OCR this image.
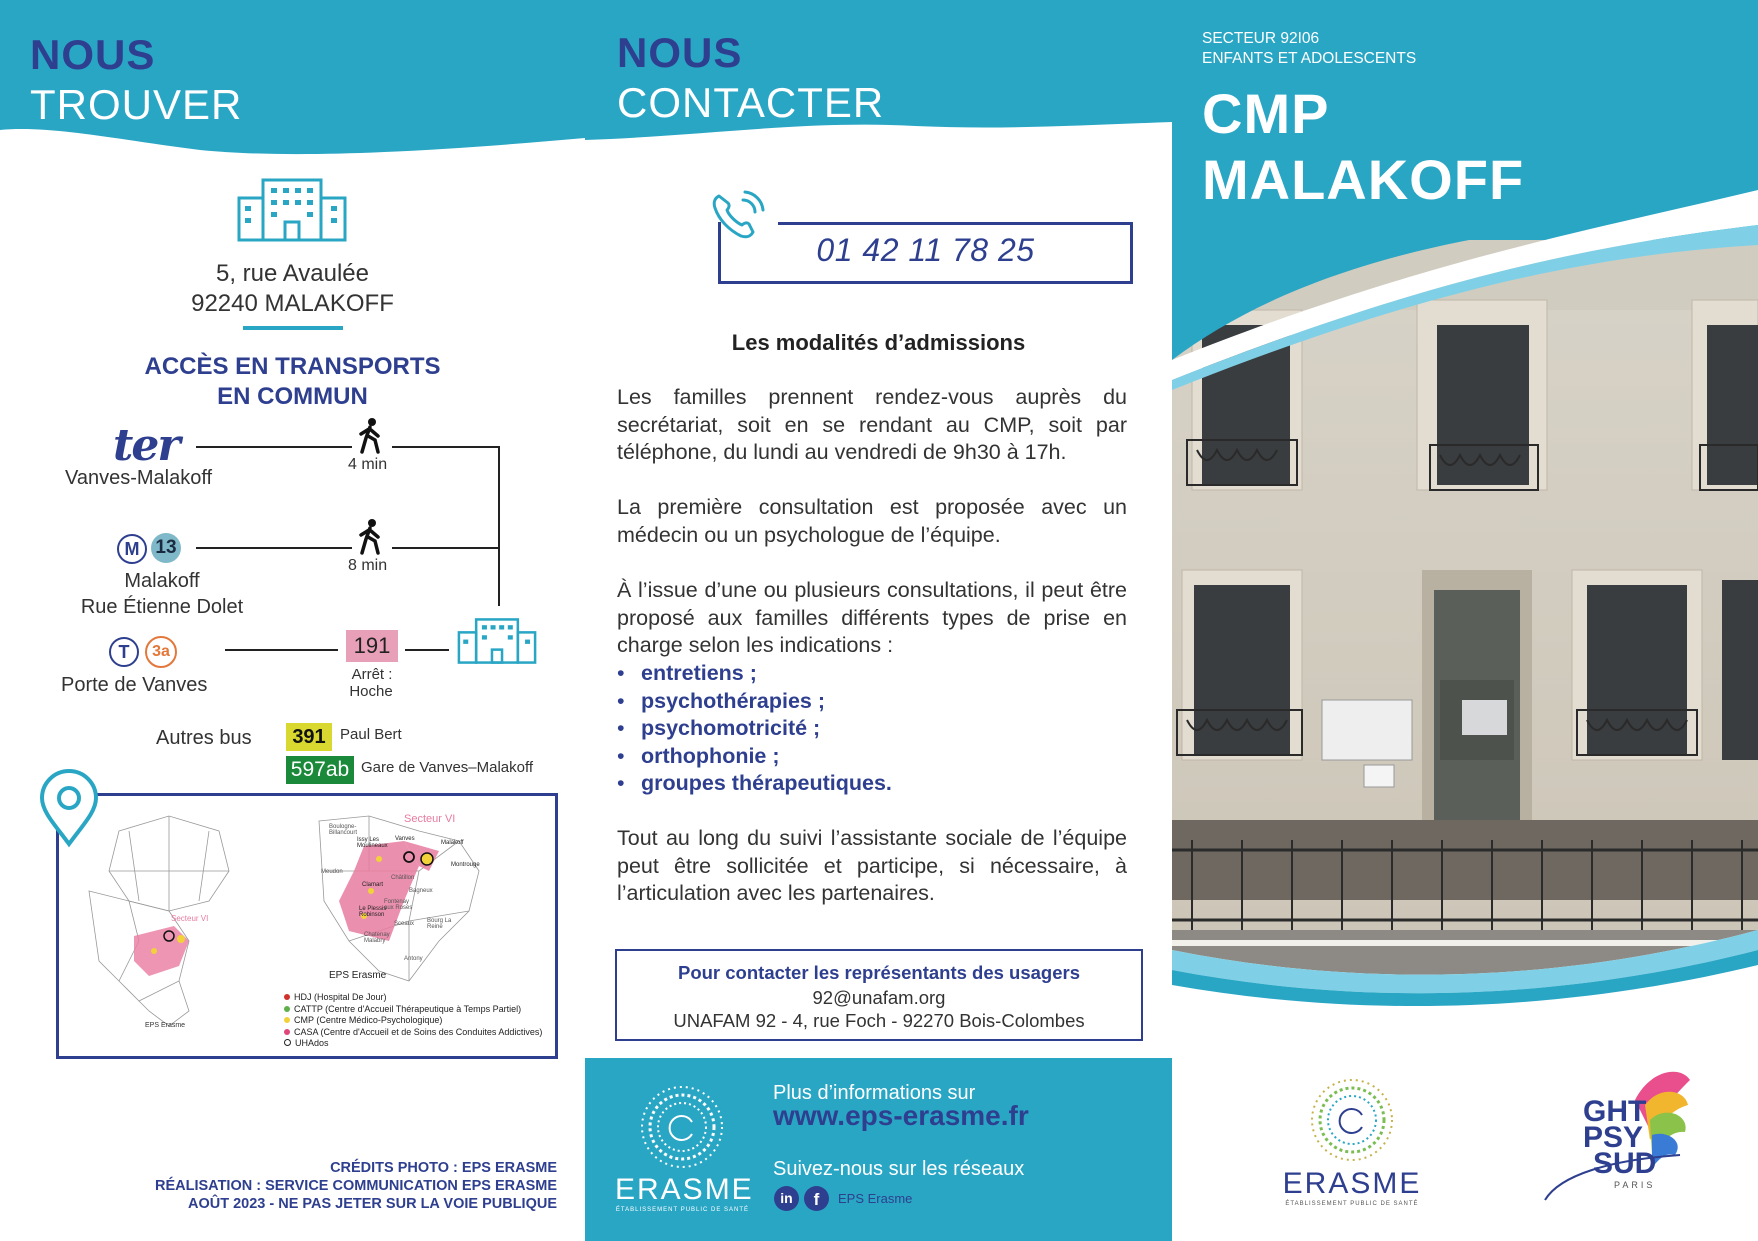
NOUS
TROUVER
5, rue Avaulée
92240 MALAKOFF
ACCÈS EN TRANSPORTS
EN COMMUN
ter
Vanves-Malakoff
4 min
M 13
Malakoff
Rue Étienne Dolet
8 min
T	3a
Porte de Vanves
191
Arrêt :
Hoche
Autres bus	391 Paul Bert
597ab Gare de Vanves–Malakoff
Secteur VI
EPS Erasme
Secteur VI
Boulogne-Billancourt
Issy Les Moulineaux
Vanves
Malakoff
Montrouge
Meudon
Clamart
Châtillon
Bagneux
Fontenay aux Roses
Le Plessis Robinson
Sceaux Bourg La Reine
Chatenay Malabry
Antony
EPS Erasme
HDJ (Hospital De Jour)
CATTP (Centre d'Accueil Thérapeutique à Temps Partiel)
CMP (Centre Médico-Psychologique)
CASA (Centre d'Accueil et de Soins des Conduites Addictives)
UHAdos
CRÉDITS PHOTO : EPS ERASME
RÉALISATION : SERVICE COMMUNICATION EPS ERASME
AOÛT 2023 - NE PAS JETER SUR LA VOIE PUBLIQUE
NOUS
CONTACTER
01 42 11 78 25
Les modalités d’admissions
Les familles prennent rendez-vous auprès du secrétariat, soit en se rendant au CMP, soit par téléphone, du lundi au vendredi de 9h30 à 17h.
La première consultation est proposée avec un médecin ou un psychologue de l’équipe.
À l’issue d’une ou plusieurs consultations, il peut être proposé aux familles différents types de prise en charge selon les indications :
• entretiens ;
• psychothérapies ;
• psychomotricité ;
• orthophonie ;
• groupes thérapeutiques.
Tout au long du suivi l’assistante sociale de l’équipe peut être sollicitée et participe, si nécessaire, à l’articulation avec les partenaires.
Pour contacter les représentants des usagers
92@unafam.org
UNAFAM 92 - 4, rue Foch - 92270 Bois-Colombes
ERASME
ÉTABLISSEMENT PUBLIC DE SANTÉ
Plus d’informations sur
www.eps-erasme.fr
Suivez-nous sur les réseaux
in	f	EPS Erasme
SECTEUR 92I06
ENFANTS ET ADOLESCENTS
CMP
MALAKOFF
ERASME
ÉTABLISSEMENT PUBLIC DE SANTÉ
GHT
PSY
SUD
PARIS
